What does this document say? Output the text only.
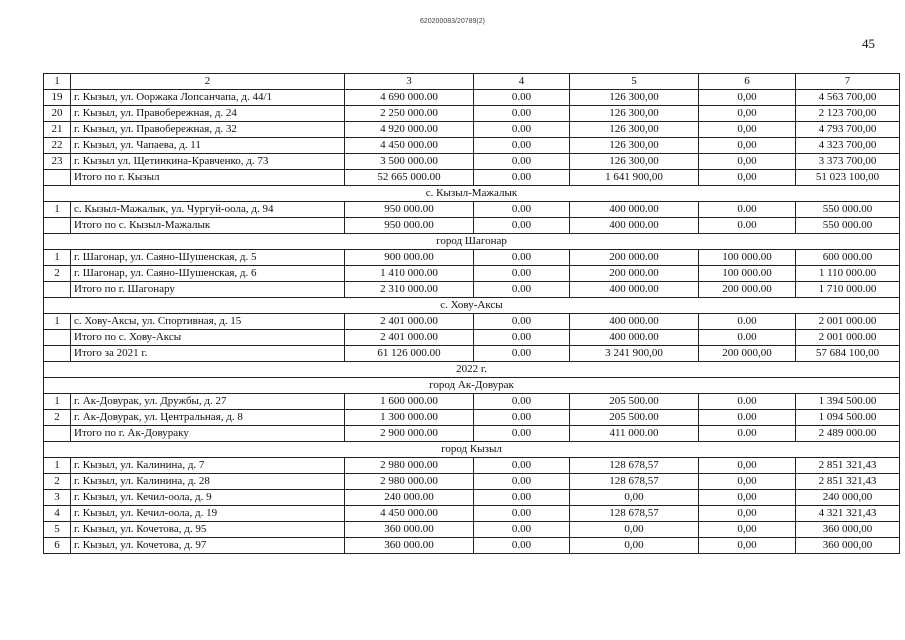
620200083/20789(2)
45
1	2	3	4	5	6	7
19	г. Кызыл, ул. Ооржака Лопсанчапа, д. 44/1	4 690 000.00	0.00	126 300,00	0,00	4 563 700,00
20	г. Кызыл, ул. Правобережная, д. 24	2 250 000.00	0.00	126 300,00	0,00	2 123 700,00
21	г. Кызыл, ул. Правобережная, д. 32	4 920 000.00	0.00	126 300,00	0,00	4 793 700,00
22	г. Кызыл, ул. Чапаева, д. 11	4 450 000.00	0.00	126 300,00	0,00	4 323 700,00
23	г. Кызыл ул. Щетинкина-Кравченко, д. 73	3 500 000.00	0.00	126 300,00	0,00	3 373 700,00
	Итого по г. Кызыл	52 665 000.00	0.00	1 641 900,00	0,00	51 023 100,00
с. Кызыл-Мажалык						
1	с. Кызыл-Мажалык, ул. Чургуй-оола, д. 94	950 000.00	0.00	400 000.00	0.00	550 000.00
	Итого по с. Кызыл-Мажалык	950 000.00	0.00	400 000.00	0.00	550 000.00
город Шагонар						
1	г. Шагонар, ул. Саяно-Шушенская, д. 5	900 000.00	0.00	200 000.00	100 000.00	600 000.00
2	г. Шагонар, ул. Саяно-Шушенская, д. 6	1 410 000.00	0.00	200 000.00	100 000.00	1 110 000.00
	Итого по г. Шагонару	2 310 000.00	0.00	400 000.00	200 000.00	1 710 000.00
с. Хову-Аксы						
1	с. Хову-Аксы, ул. Спортивная, д. 15	2 401 000.00	0.00	400 000.00	0.00	2 001 000.00
	Итого по с. Хову-Аксы	2 401 000.00	0.00	400 000.00	0.00	2 001 000.00
	Итого за 2021 г.	61 126 000.00	0.00	3 241 900,00	200 000,00	57 684 100,00
2022 г.						
город Ак-Довурак						
1	г. Ак-Довурак, ул. Дружбы, д. 27	1 600 000.00	0.00	205 500.00	0.00	1 394 500.00
2	г. Ак-Довурак, ул. Центральная, д. 8	1 300 000.00	0.00	205 500.00	0.00	1 094 500.00
	Итого по г. Ак-Довураку	2 900 000.00	0.00	411 000.00	0.00	2 489 000.00
город Кызыл						
1	г. Кызыл, ул. Калинина, д. 7	2 980 000.00	0.00	128 678,57	0,00	2 851 321,43
2	г. Кызыл, ул. Калинина, д. 28	2 980 000.00	0.00	128 678,57	0,00	2 851 321,43
3	г. Кызыл, ул. Кечил-оола, д. 9	240 000.00	0.00	0,00	0,00	240 000,00
4	г. Кызыл, ул. Кечил-оола, д. 19	4 450 000.00	0.00	128 678,57	0,00	4 321 321,43
5	г. Кызыл, ул. Кочетова, д. 95	360 000.00	0.00	0,00	0,00	360 000,00
6	г. Кызыл, ул. Кочетова, д. 97	360 000.00	0.00	0,00	0,00	360 000,00
